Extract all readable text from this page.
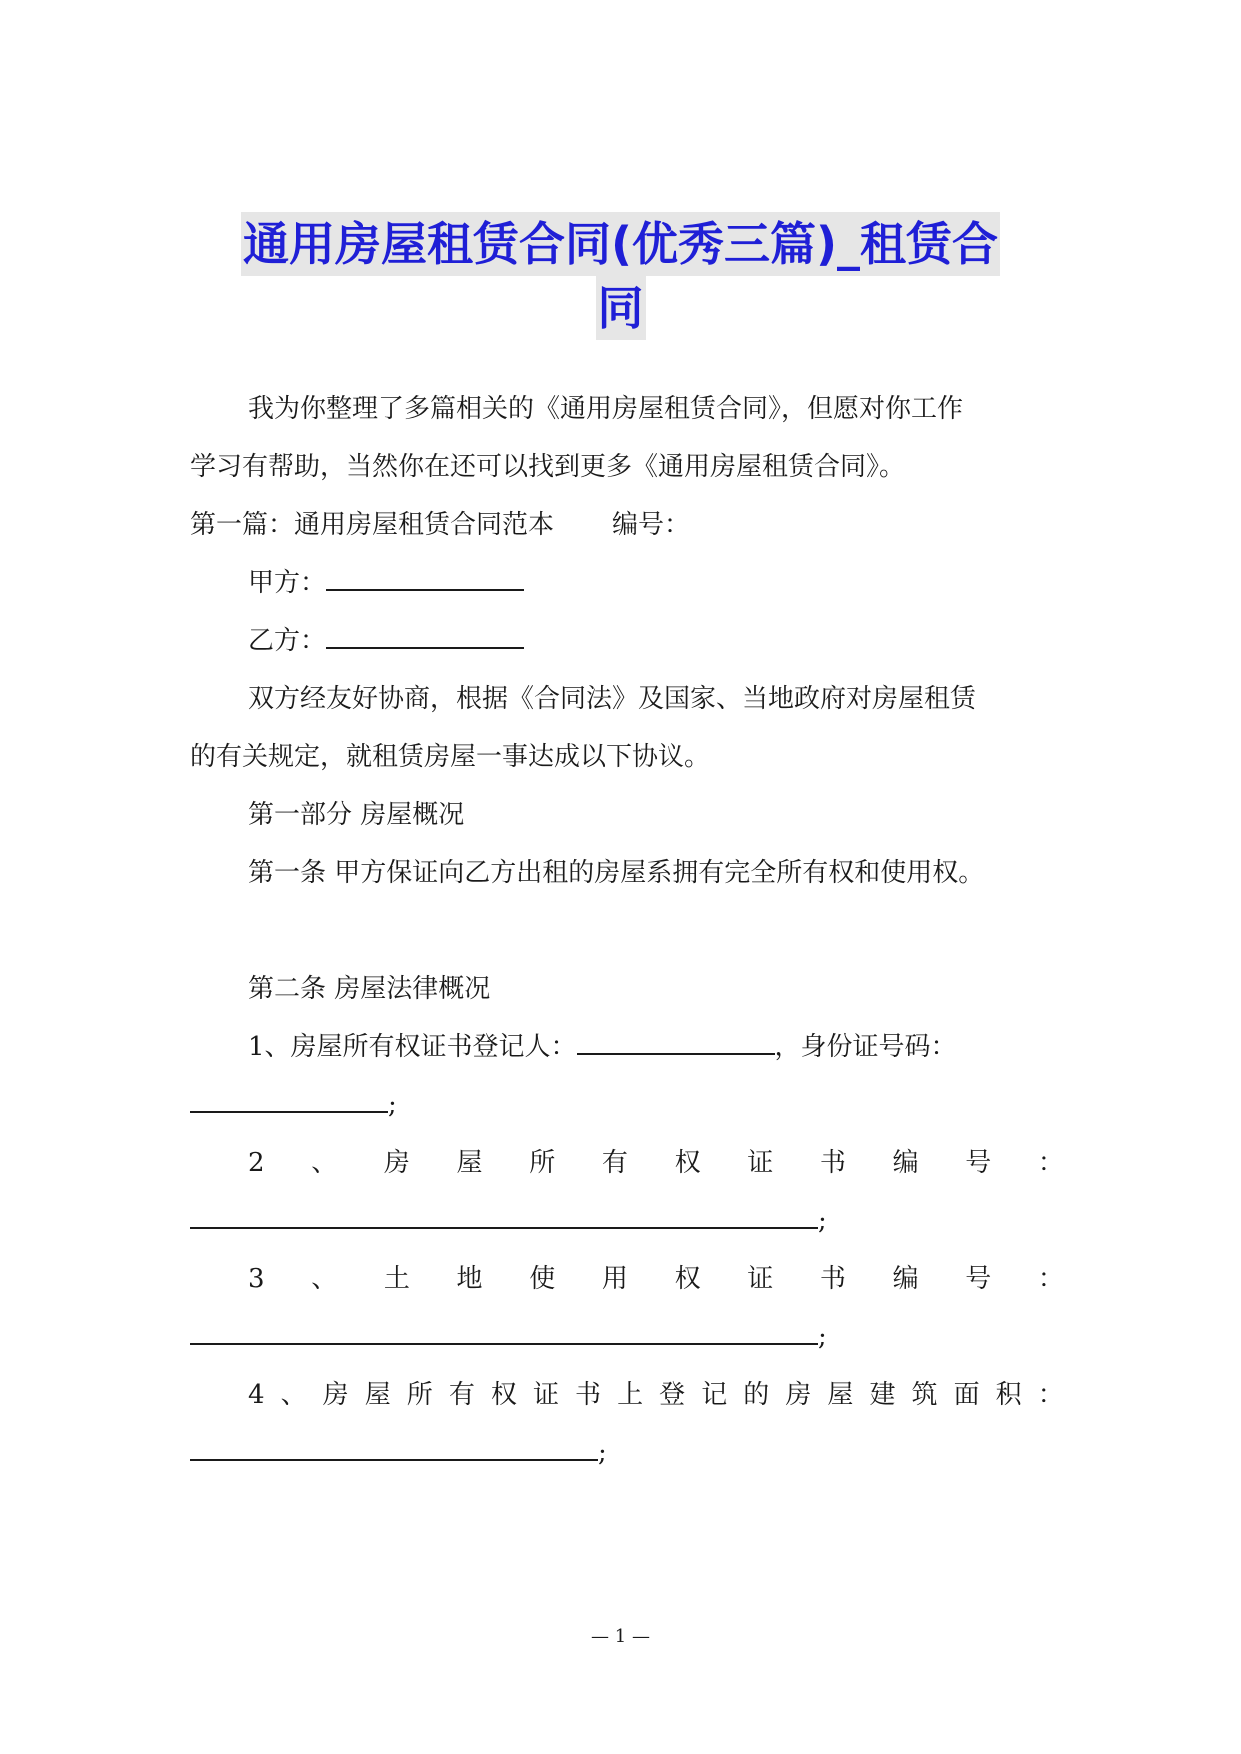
通用房屋租赁合同(优秀三篇)_租赁合
同
我为你整理了多篇相关的《通用房屋租赁合同》，但愿对你工作
学习有帮助，当然你在还可以找到更多《通用房屋租赁合同》。
第一篇：通用房屋租赁合同范本 编号：
甲方：
乙方：
双方经友好协商，根据《合同法》及国家、当地政府对房屋租赁
的有关规定，就租赁房屋一事达成以下协议。
第一部分 房屋概况
第一条 甲方保证向乙方出租的房屋系拥有完全所有权和使用权。
第二条 房屋法律概况
1、房屋所有权证书登记人：	，身份证号码：
;
2 、 房 屋 所 有 权 证 书 编 号 ：
;
3 、 土 地 使 用 权 证 书 编 号 ：
;
4 、 房 屋 所 有 权 证 书 上 登 记 的 房 屋 建 筑 面 积 ：
;
— 1 —
